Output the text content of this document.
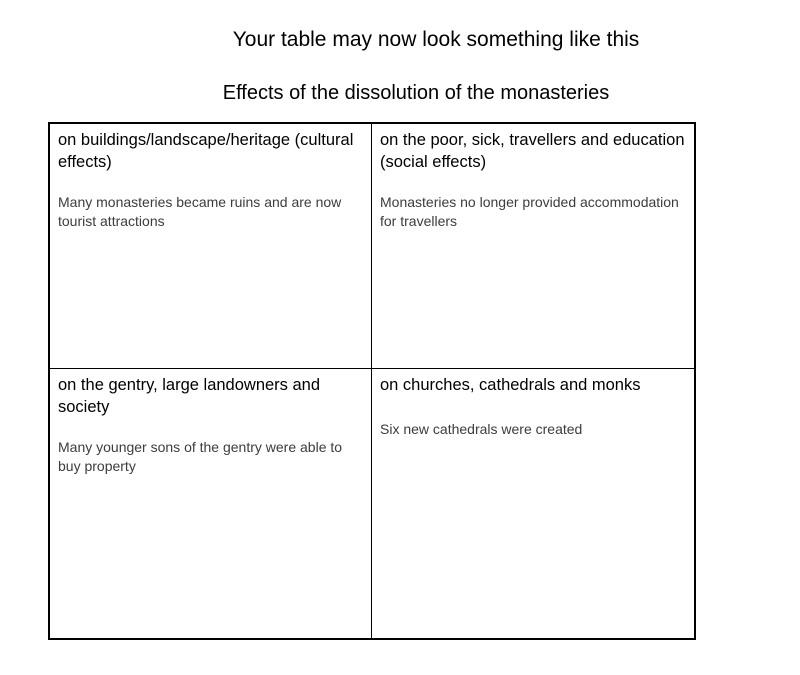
Your table may now look something like this
Effects of the dissolution of the monasteries
on buildings/landscape/heritage (cultural effects)
Many monasteries became ruins and are now tourist attractions
on the poor, sick, travellers and education (social effects)
Monasteries no longer provided accommodation for travellers
on the gentry, large landowners and society
Many younger sons of the gentry were able to buy property
on churches, cathedrals and monks
Six new cathedrals were created
